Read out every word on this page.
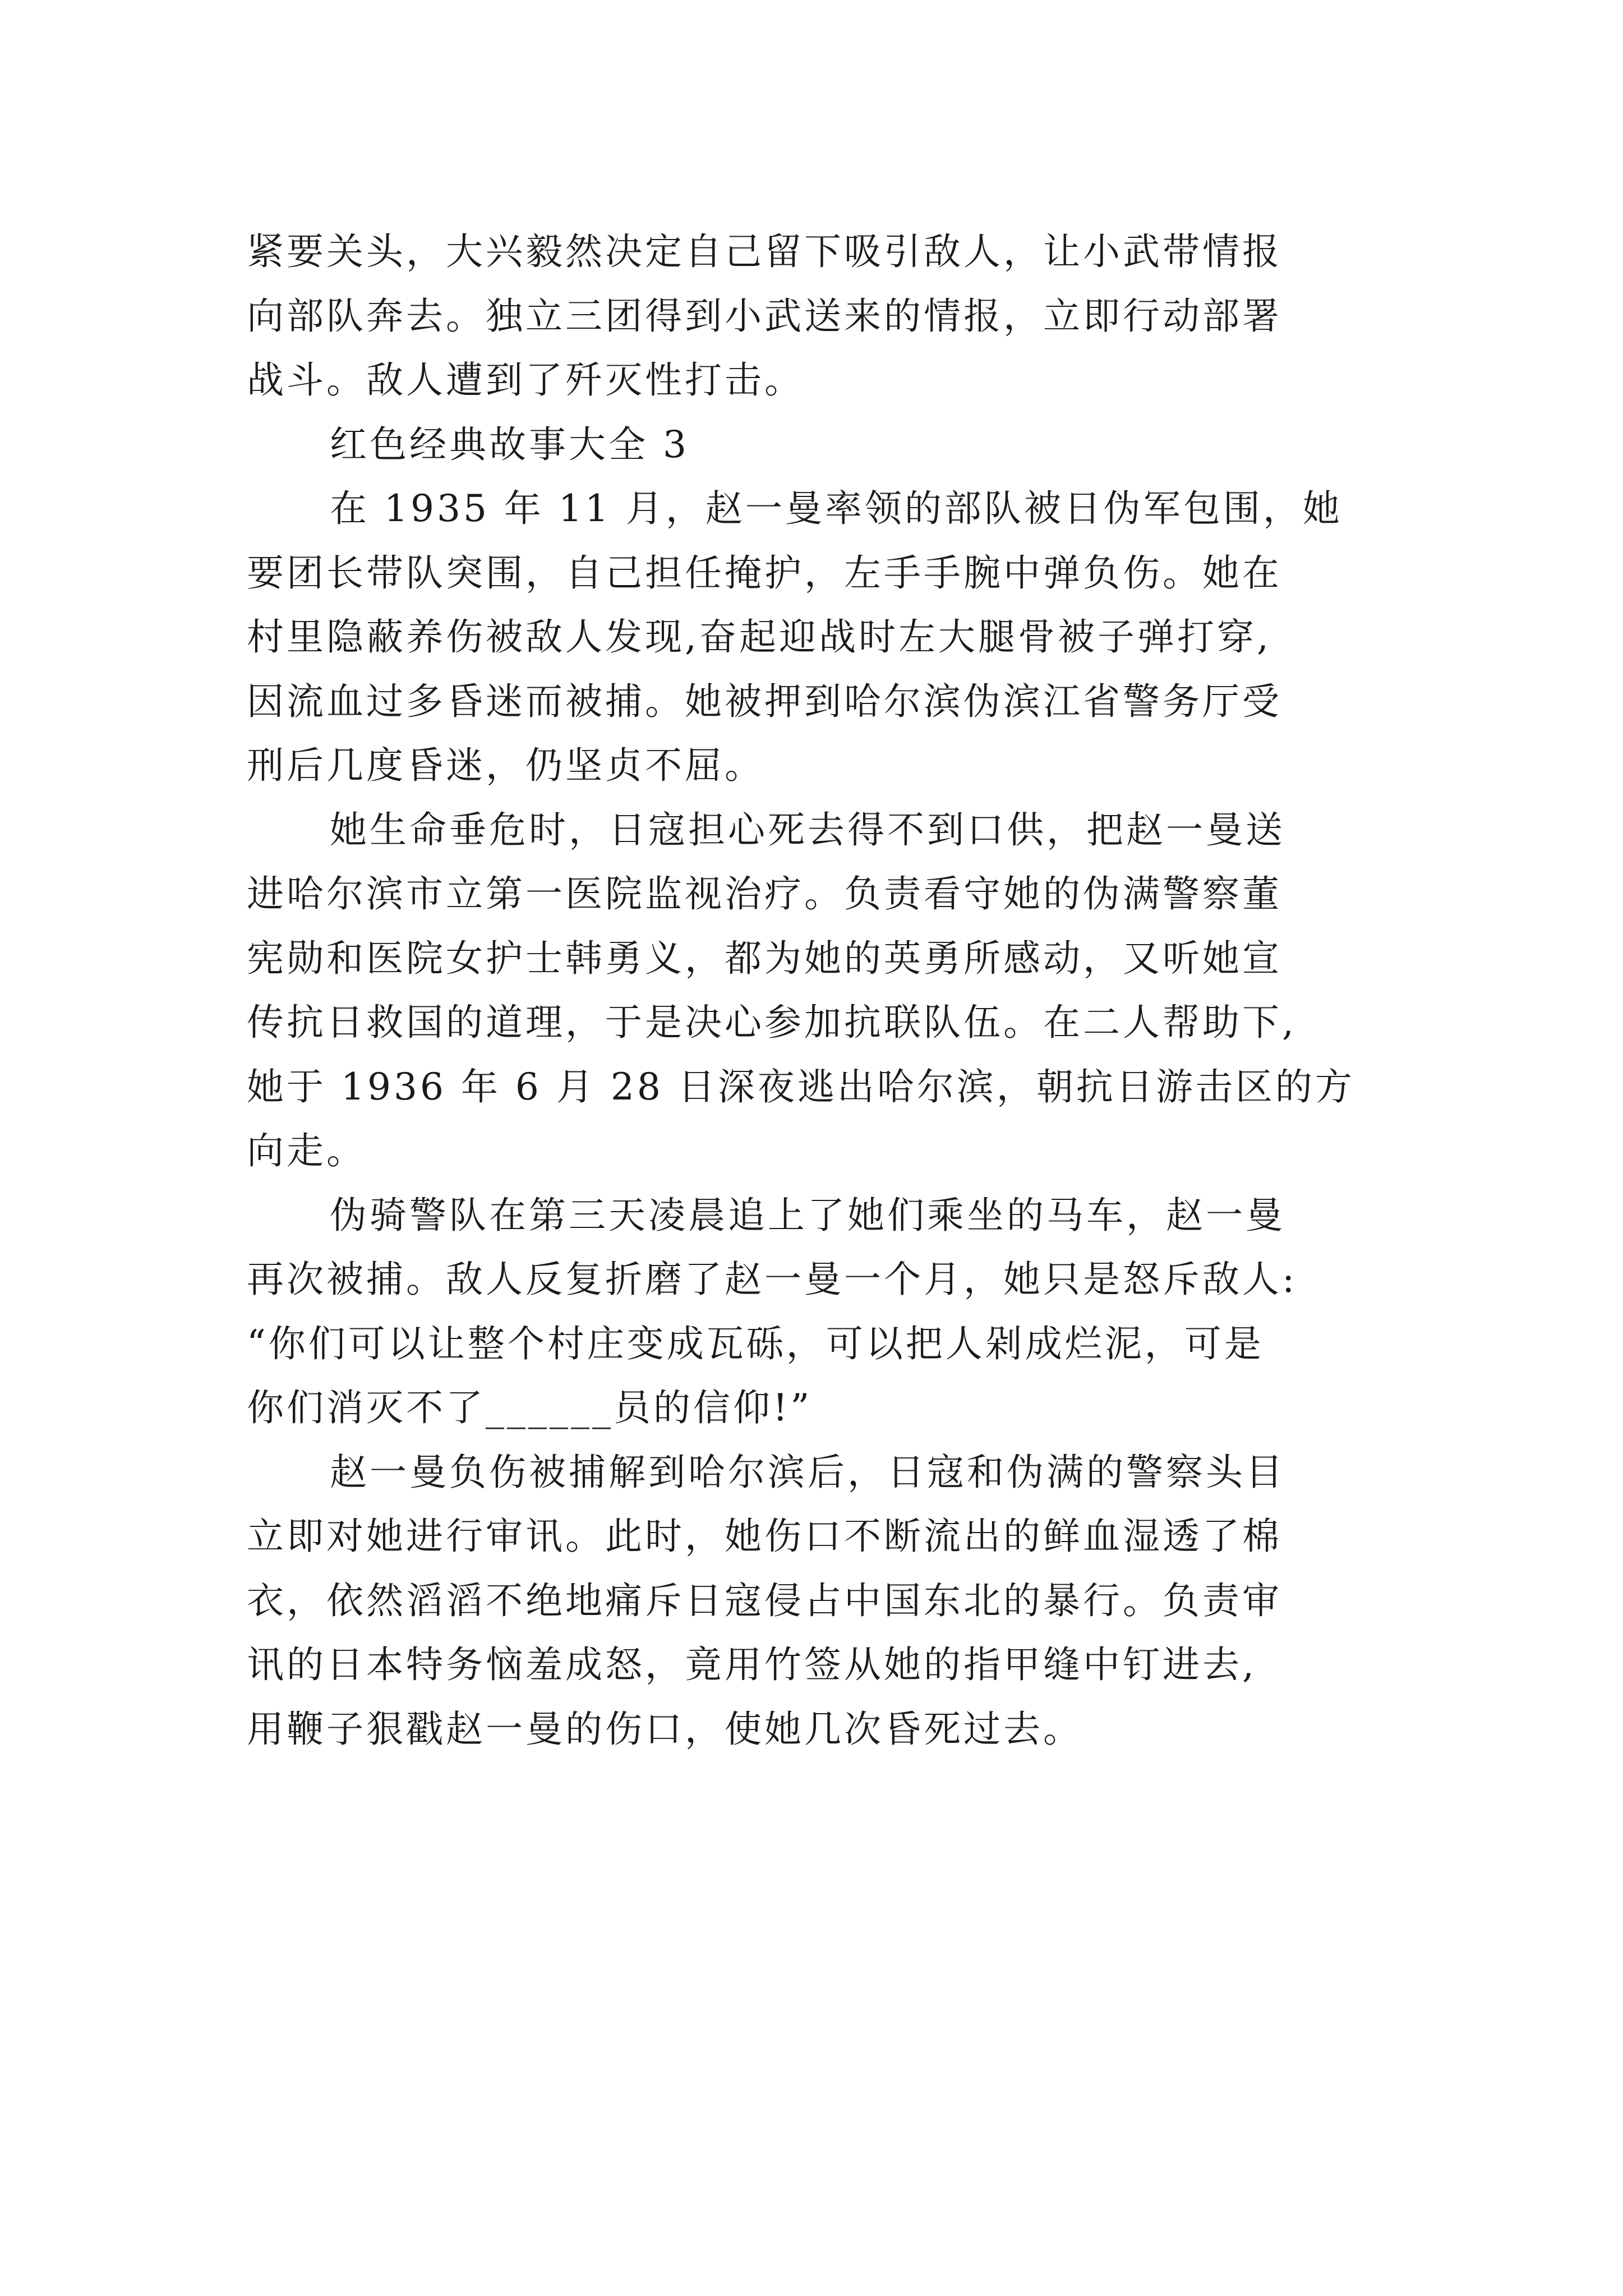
紧要关头，大兴毅然决定自己留下吸引敌人，让小武带情报
向部队奔去。独立三团得到小武送来的情报，立即行动部署
战斗。敌人遭到了歼灭性打击。

红色经典故事大全 3

在 1935 年 11 月，赵一曼率领的部队被日伪军包围，她
要团长带队突围，自己担任掩护，左手手腕中弹负伤。她在
村里隐蔽养伤被敌人发现,奋起迎战时左大腿骨被子弹打穿,
因流血过多昏迷而被捕。她被押到哈尔滨伪滨江省警务厅受
刑后几度昏迷，仍坚贞不屈。

她生命垂危时，日寇担心死去得不到口供，把赵一曼送
进哈尔滨市立第一医院监视治疗。负责看守她的伪满警察董
宪勋和医院女护士韩勇义，都为她的英勇所感动，又听她宣
传抗日救国的道理，于是决心参加抗联队伍。在二人帮助下,
她于 1936 年 6 月 28 日深夜逃出哈尔滨，朝抗日游击区的方
向走。

伪骑警队在第三天凌晨追上了她们乘坐的马车，赵一曼
再次被捕。敌人反复折磨了赵一曼一个月，她只是怒斥敌人:
“你们可以让整个村庄变成瓦砾，可以把人剁成烂泥，可是
你们消灭不了______员的信仰!”

赵一曼负伤被捕解到哈尔滨后，日寇和伪满的警察头目
立即对她进行审讯。此时，她伤口不断流出的鲜血湿透了棉
衣，依然滔滔不绝地痛斥日寇侵占中国东北的暴行。负责审
讯的日本特务恼羞成怒，竟用竹签从她的指甲缝中钉进去,
用鞭子狠戳赵一曼的伤口，使她几次昏死过去。
